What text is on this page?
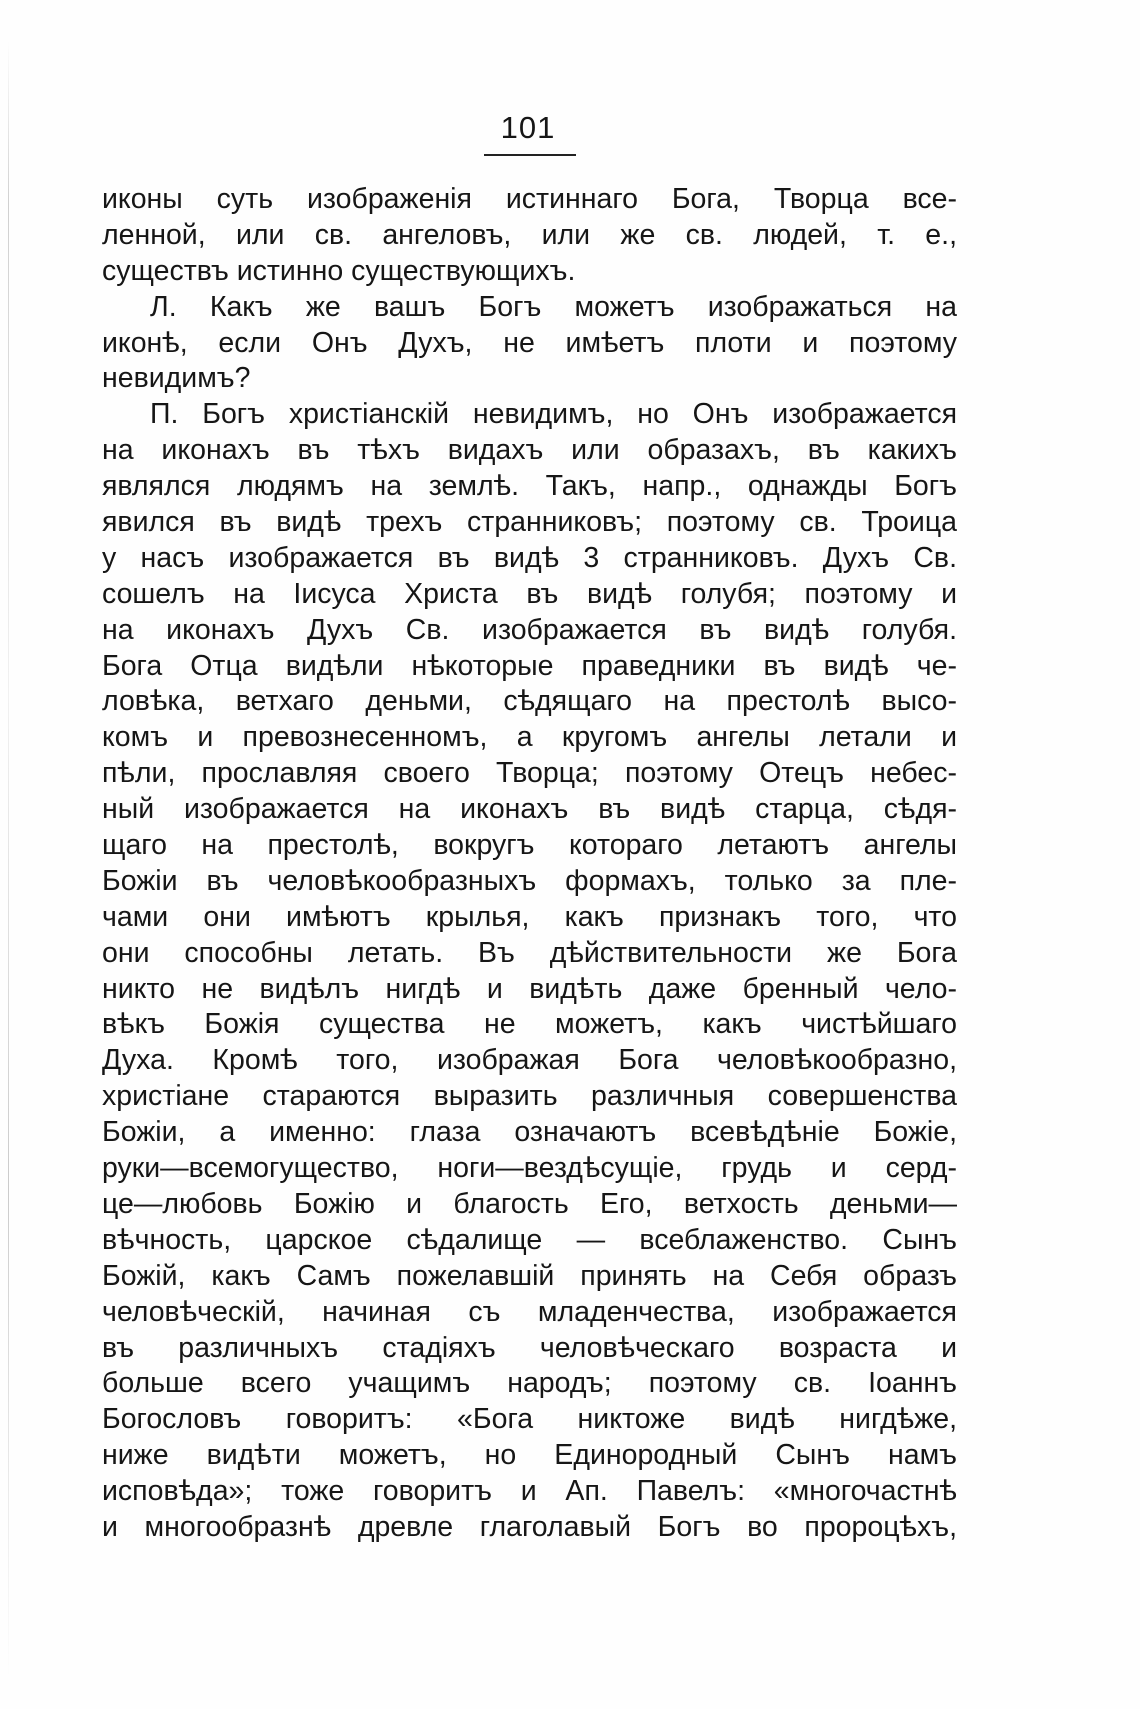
101
иконы суть изображенія истиннаго Бога, Творца все-
ленной, или св. ангеловъ, или же св. людей, т. е.,
существъ истинно существующихъ.
Л. Какъ же вашъ Богъ можетъ изображаться на
иконѣ, если Онъ Духъ, не имѣетъ плоти и поэтому
невидимъ?
П. Богъ христіанскій невидимъ, но Онъ изображается
на иконахъ въ тѣхъ видахъ или образахъ, въ какихъ
являлся людямъ на землѣ. Такъ, напр., однажды Богъ
явился въ видѣ трехъ странниковъ; поэтому св. Троица
у насъ изображается въ видѣ 3 странниковъ. Духъ Св.
сошелъ на Іисуса Христа въ видѣ голубя; поэтому и
на иконахъ Духъ Св. изображается въ видѣ голубя.
Бога Отца видѣли нѣкоторые праведники въ видѣ че-
ловѣка, ветхаго деньми, сѣдящаго на престолѣ высо-
комъ и превознесенномъ, а кругомъ ангелы летали и
пѣли, прославляя своего Творца; поэтому Отецъ небес-
ный изображается на иконахъ въ видѣ старца, сѣдя-
щаго на престолѣ, вокругъ котораго летаютъ ангелы
Божіи въ человѣкообразныхъ формахъ, только за пле-
чами они имѣютъ крылья, какъ признакъ того, что
они способны летать. Въ дѣйствительности же Бога
никто не видѣлъ нигдѣ и видѣть даже бренный чело-
вѣкъ Божія существа не можетъ, какъ чистѣйшаго
Духа. Кромѣ того, изображая Бога человѣкообразно,
христіане стараются выразить различныя совершенства
Божіи, а именно: глаза означаютъ всевѣдѣніе Божіе,
руки—всемогущество, ноги—вездѣсущіе, грудь и серд-
це—любовь Божію и благость Его, ветхость деньми—
вѣчность, царское сѣдалище — всеблаженство. Сынъ
Божій, какъ Самъ пожелавшій принять на Себя образъ
человѣческій, начиная съ младенчества, изображается
въ различныхъ стадіяхъ человѣческаго возраста и
больше всего учащимъ народъ; поэтому св. Іоаннъ
Богословъ говоритъ: «Бога никтоже видѣ нигдѣже,
ниже видѣти можетъ, но Единородный Сынъ намъ
исповѣда»; тоже говоритъ и Ап. Павелъ: «многочастнѣ
и многообразнѣ древле глаголавый Богъ во пророцѣхъ,
